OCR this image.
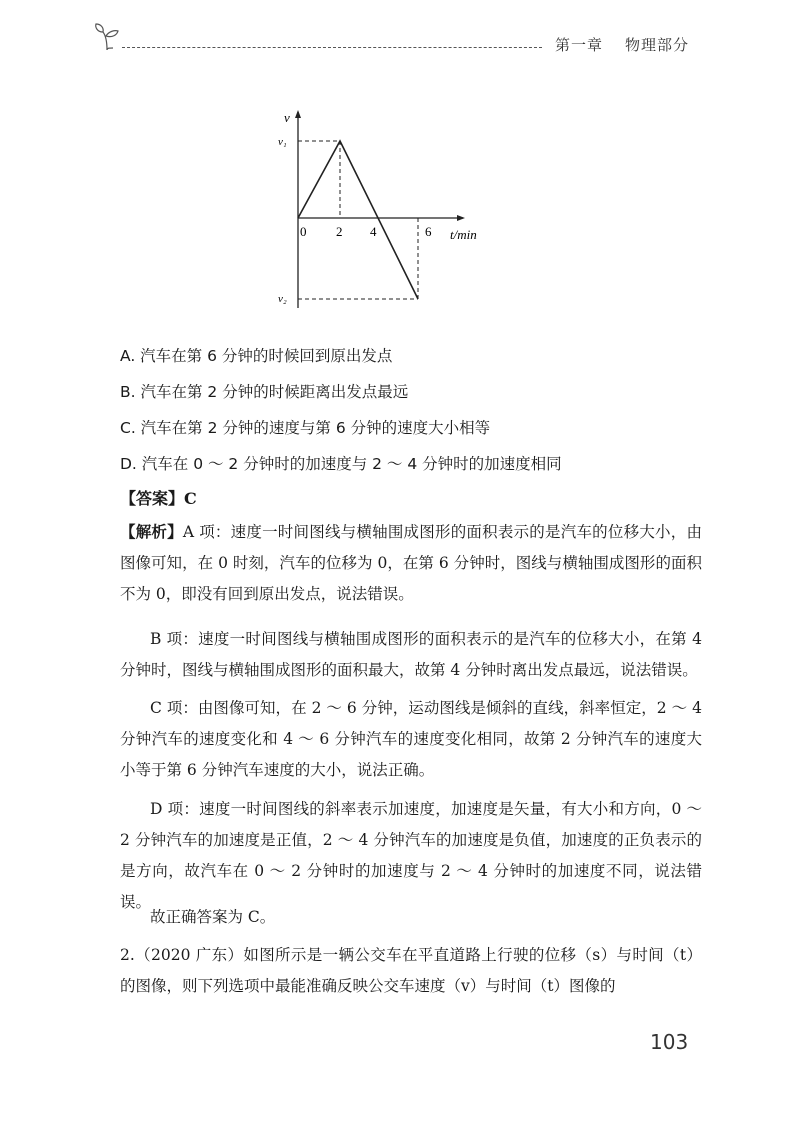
第一章 物理部分
v
t/min
v₁
v₂
0 2 4	6
A. 汽车在第 6 分钟的时候回到原出发点
B. 汽车在第 2 分钟的时候距离出发点最远
C. 汽车在第 2 分钟的速度与第 6 分钟的速度大小相等
D. 汽车在 0 ～ 2 分钟时的加速度与 2 ～ 4 分钟时的加速度相同
【答案】C
【解析】A 项：速度一时间图线与横轴围成图形的面积表示的是汽车的位移大小，由图像可知，在 0 时刻，汽车的位移为 0，在第 6 分钟时，图线与横轴围成图形的面积不为 0，即没有回到原出发点，说法错误。
B 项：速度一时间图线与横轴围成图形的面积表示的是汽车的位移大小，在第 4 分钟时，图线与横轴围成图形的面积最大，故第 4 分钟时离出发点最远，说法错误。
C 项：由图像可知，在 2 ～ 6 分钟，运动图线是倾斜的直线，斜率恒定，2 ～ 4 分钟汽车的速度变化和 4 ～ 6 分钟汽车的速度变化相同，故第 2 分钟汽车的速度大小等于第 6 分钟汽车速度的大小，说法正确。
D 项：速度一时间图线的斜率表示加速度，加速度是矢量，有大小和方向，0 ～ 2 分钟汽车的加速度是正值，2 ～ 4 分钟汽车的加速度是负值，加速度的正负表示的是方向，故汽车在 0 ～ 2 分钟时的加速度与 2 ～ 4 分钟时的加速度不同，说法错误。
故正确答案为 C。
2.（2020 广东）如图所示是一辆公交车在平直道路上行驶的位移（s）与时间（t）的图像，则下列选项中最能准确反映公交车速度（v）与时间（t）图像的
103
